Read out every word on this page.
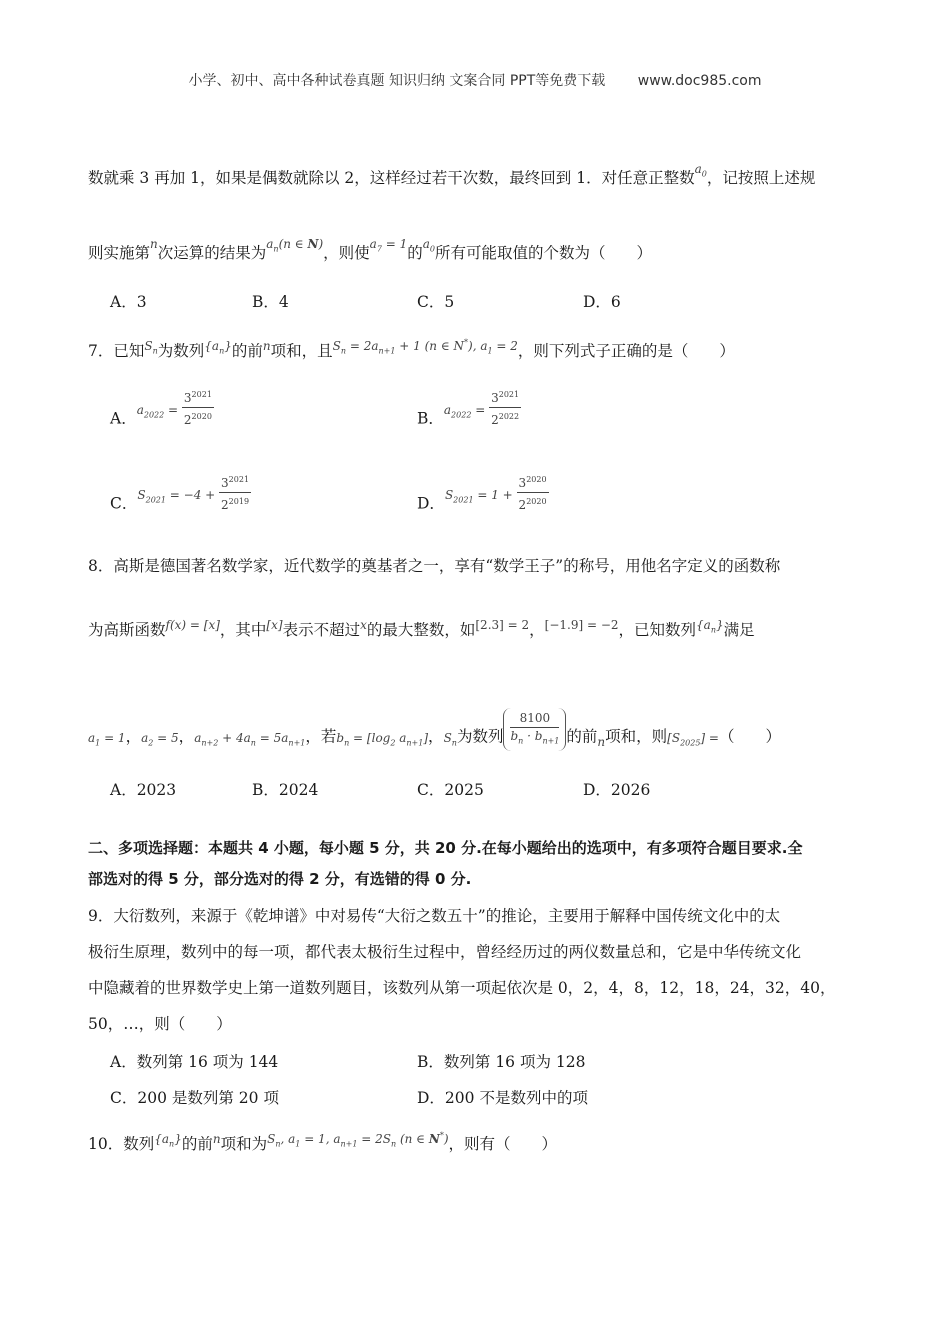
小学、初中、高中各种试卷真题 知识归纳 文案合同 PPT等免费下载 www.doc985.com
数就乘 3 再加 1，如果是偶数就除以 2，这样经过若干次数，最终回到 1．对任意正整数$^{a_0}$，记按照上述规
则实施第$^n$次运算的结果为$^{a_n(n \in N)}$，则使$^{a_7 = 1}$的$^{a_0}$所有可能取值的个数为（　　）
A．3	B．4	C．5	D．6
7．已知$^{S_n}$为数列$^{\{a_n\}}$的前$^n$项和，且$^{S_n = 2a_{n+1} + 1 (n \in N^*), a_1 = 2}$，则下列式子正确的是（　　）
A．$^{a_{2022} =} \frac{3^{2021}}{2^{2020}}$	B．$^{a_{2022} =} \frac{3^{2021}}{2^{2022}}$
C．$^{S_{2021} = -4 +} \frac{3^{2021}}{2^{2019}}$	D．$^{S_{2021} = 1 +} \frac{3^{2020}}{2^{2020}}$
8．高斯是德国著名数学家，近代数学的奠基者之一，享有“数学王子”的称号，用他名字定义的函数称
为高斯函数$^{f(x) = [x]}$，其中[x]表示不超过$^x$的最大整数，如$^{[2.3] = 2}$，$^{[-1.9] = -2}$，已知数列$^{\{a_n\}}$满足
$a_1 = 1$，$a_2 = 5$，$a_{n+2} + 4a_n = 5a_{n+1}$，若$b_n = [\log_2$ $a_{n+1}$]，$S_n$为数列 $\frac{8100}{b_n \cdot b_{n+1}}$ 的前$_n$项和，则$[S_{2025}]$ =（　　）
A．2023	B．2024	C．2025	D．2026
二、多项选择题：本题共 4 小题，每小题 5 分，共 20 分.在每小题给出的选项中，有多项符合题目要求.全
部选对的得 5 分，部分选对的得 2 分，有选错的得 0 分.
9．大衍数列，来源于《乾坤谱》中对易传“大衍之数五十”的推论，主要用于解释中国传统文化中的太
极衍生原理，数列中的每一项，都代表太极衍生过程中，曾经经历过的两仪数量总和，它是中华传统文化
中隐藏着的世界数学史上第一道数列题目，该数列从第一项起依次是 0，2，4，8，12，18，24，32，40，
50，…，则（　　）
A．数列第 16 项为 144	B．数列第 16 项为 128
C．200 是数列第 20 项	D．200 不是数列中的项
10．数列$^{\{a_n\}}$的前$^n$项和为$^{S_n, a_1 = 1, a_{n+1} = 2S_n (n \in N^*)}$，则有（　　）
